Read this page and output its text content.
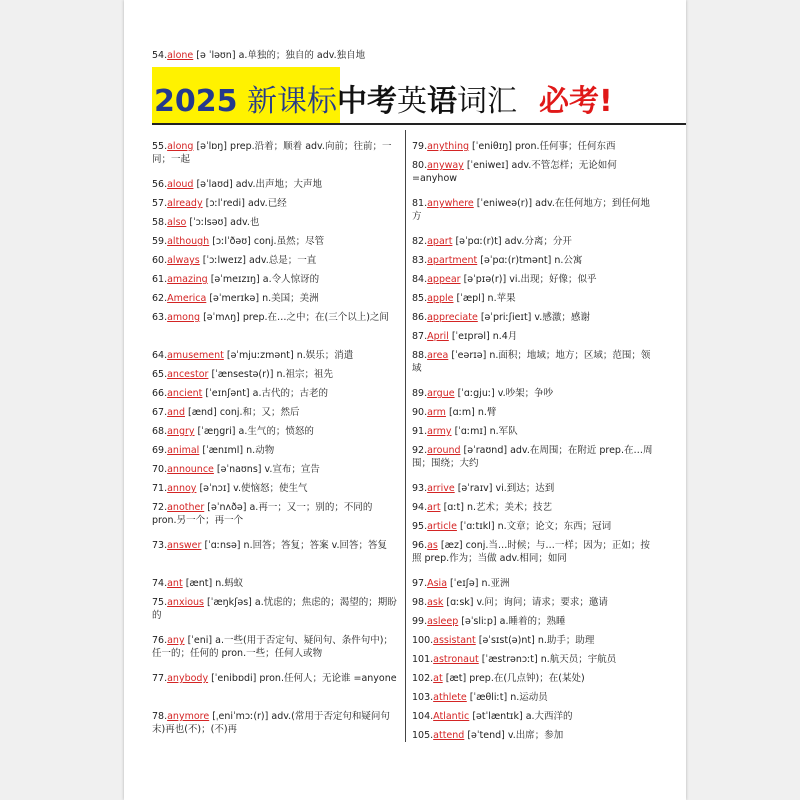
54.alone [ə ˈləʊn] a.单独的；独自的 adv.独自地
2025 新课标中考英语词汇 必考!
55.along [əˈlɒŋ] prep.沿着；顺着 adv.向前；往前；一同；一起
56.aloud [əˈlaʊd] adv.出声地；大声地
57.already [ɔːlˈredi] adv.已经
58.also [ˈɔːlsəʊ] adv.也
59.although [ɔːlˈðəʊ] conj.虽然；尽管
60.always [ˈɔːlweɪz] adv.总是；一直
61.amazing [əˈmeɪzɪŋ] a.令人惊讶的
62.America [əˈmerɪkə] n.美国；美洲
63.among [əˈmʌŋ] prep.在…之中；在(三个以上)之间
64.amusement [əˈmjuːzmənt] n.娱乐；消遣
65.ancestor [ˈænsestə(r)] n.祖宗；祖先
66.ancient [ˈeɪnʃənt] a.古代的；古老的
67.and [ænd] conj.和；又；然后
68.angry [ˈæŋgri] a.生气的；愤怒的
69.animal [ˈænɪml] n.动物
70.announce [əˈnaʊns] v.宣布；宣告
71.annoy [əˈnɔɪ] v.使恼怒；使生气
72.another [əˈnʌðə] a.再一；又一；别的；不同的 pron.另一个；再一个
73.answer [ˈɑːnsə] n.回答；答复；答案 v.回答；答复
74.ant [ænt] n.蚂蚁
75.anxious [ˈæŋkʃəs] a.忧虑的；焦虑的；渴望的；期盼的
76.any [ˈeni] a.一些(用于否定句、疑问句、条件句中)；任一的；任何的 pron.一些；任何人或物
77.anybody [ˈenibɒdi] pron.任何人；无论谁 =anyone
78.anymore [ˌeniˈmɔː(r)] adv.(常用于否定句和疑问句末)再也(不)；(不)再
79.anything [ˈeniθɪŋ] pron.任何事；任何东西
80.anyway [ˈeniweɪ] adv.不管怎样；无论如何 =anyhow
81.anywhere [ˈeniweə(r)] adv.在任何地方；到任何地方
82.apart [əˈpɑː(r)t] adv.分离；分开
83.apartment [əˈpɑː(r)tmənt] n.公寓
84.appear [əˈpɪə(r)] vi.出现；好像；似乎
85.apple [ˈæpl] n.苹果
86.appreciate [əˈpriːʃieɪt] v.感激；感谢
87.April [ˈeɪprəl] n.4月
88.area [ˈeərɪə] n.面积；地域；地方；区域；范围；领域
89.argue [ˈɑːgjuː] v.吵架；争吵
90.arm [ɑːm] n.臂
91.army [ˈɑːmɪ] n.军队
92.around [əˈraʊnd] adv.在周围；在附近 prep.在…周围；围绕；大约
93.arrive [əˈraɪv] vi.到达；达到
94.art [ɑːt] n.艺术；美术；技艺
95.article [ˈɑːtɪkl] n.文章；论文；东西；冠词
96.as [æz] conj.当…时候；与…一样；因为；正如；按照 prep.作为；当做 adv.相同；如同
97.Asia [ˈeɪʃə] n.亚洲
98.ask [ɑːsk] v.问；询问；请求；要求；邀请
99.asleep [əˈsliːp] a.睡着的；熟睡
100.assistant [əˈsɪst(ə)nt] n.助手；助理
101.astronaut [ˈæstrənɔːt] n.航天员；宇航员
102.at [æt] prep.在(几点钟)；在(某处)
103.athlete [ˈæθliːt] n.运动员
104.Atlantic [ətˈlæntɪk] a.大西洋的
105.attend [əˈtend] v.出席；参加
